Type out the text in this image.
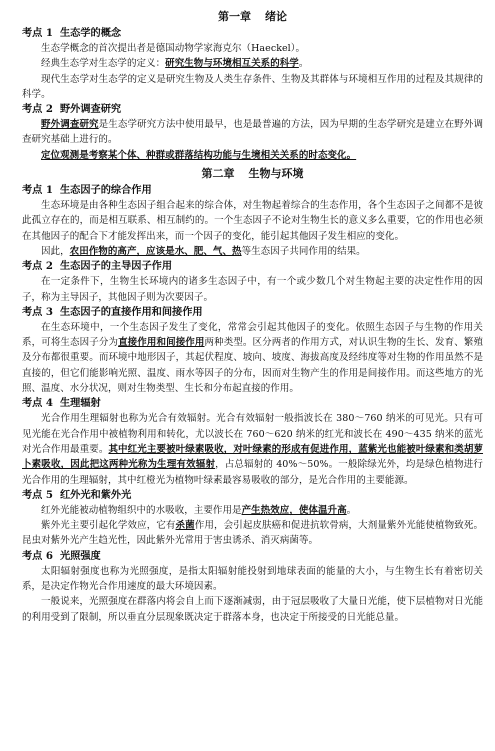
第一章 绪论
考点 1 生态学的概念

生态学概念的首次提出者是德国动物学家海克尔（Haeckel）。

经典生态学对生态学的定义：研究生物与环境相互关系的科学。

现代生态学对生态学的定义是研究生物及人类生存条件、生物及其群体与环境相互作用的过程及其规律的科学。

考点 2 野外调查研究

野外调查研究是生态学研究方法中使用最早，也是最普遍的方法，因为早期的生态学研究是建立在野外调查研究基础上进行的。

定位观测是考察某个体、种群或群落结构功能与生境相关关系的时态变化。

第二章 生物与环境
考点 1 生态因子的综合作用

生态环境是由各种生态因子组合起来的综合体，对生物起着综合的生态作用，各个生态因子之间都不是彼此孤立存在的，而是相互联系、相互制约的。一个生态因子不论对生物生长的意义多么重要，它的作用也必须在其他因子的配合下才能发挥出来，而一个因子的变化，能引起其他因子发生相应的变化。

因此，农田作物的高产，应该是水、肥、气、热等生态因子共同作用的结果。

考点 2 生态因子的主导因子作用

在一定条件下，生物生长环境内的诸多生态因子中，有一个或少数几个对生物起主要的决定性作用的因子，称为主导因子，其他因子则为次要因子。

考点 3 生态因子的直接作用和间接作用

在生态环境中，一个生态因子发生了变化，常常会引起其他因子的变化。依照生态因子与生物的作用关系，可将生态因子分为直接作用和间接作用两种类型。区分两者的作用方式，对认识生物的生长、发育、繁殖及分布都很重要。而环境中地形因子，其起伏程度、坡向、坡度、海拔高度及经纬度等对生物的作用虽然不是直接的，但它们能影响光照、温度、雨水等因子的分布，因而对生物产生的作用是间接作用。而这些地方的光照、温度、水分状况，则对生物类型、生长和分布起直接的作用。

考点 4 生理辐射

光合作用生理辐射也称为光合有效辐射。光合有效辐射一般指波长在 380～760 纳米的可见光。只有可见光能在光合作用中被植物利用和转化，尤以波长在 760～620 纳米的红光和波长在 490～435 纳米的蓝光对光合作用最重要。其中红光主要被叶绿素吸收，对叶绿素的形成有促进作用，蓝紫光也能被叶绿素和类胡萝卜素吸收，因此把这两种光称为生理有效辐射，占总辐射的 40%～50%。一般除绿光外，均是绿色植物进行光合作用的生理辐射，其中红橙光为植物叶绿素最容易吸收的部分，是光合作用的主要能源。

考点 5 红外光和紫外光

红外光能被动植物组织中的水吸收，主要作用是产生热效应，使体温升高。

紫外光主要引起化学效应，它有杀菌作用，会引起皮肤癌和促进抗软骨病，大剂量紫外光能使植物致死。昆虫对紫外光产生趋光性，因此紫外光常用于害虫诱杀、消灭病菌等。

考点 6 光照强度

太阳辐射强度也称为光照强度，是指太阳辐射能投射到地球表面的能量的大小，与生物生长有着密切关系，是决定作物光合作用速度的最大环境因素。

一般说来，光照强度在群落内将会自上而下逐渐减弱，由于冠层吸收了大量日光能，使下层植物对日光能的利用受到了限制，所以垂直分层现象既决定于群落本身，也决定于所接受的日光能总量。
